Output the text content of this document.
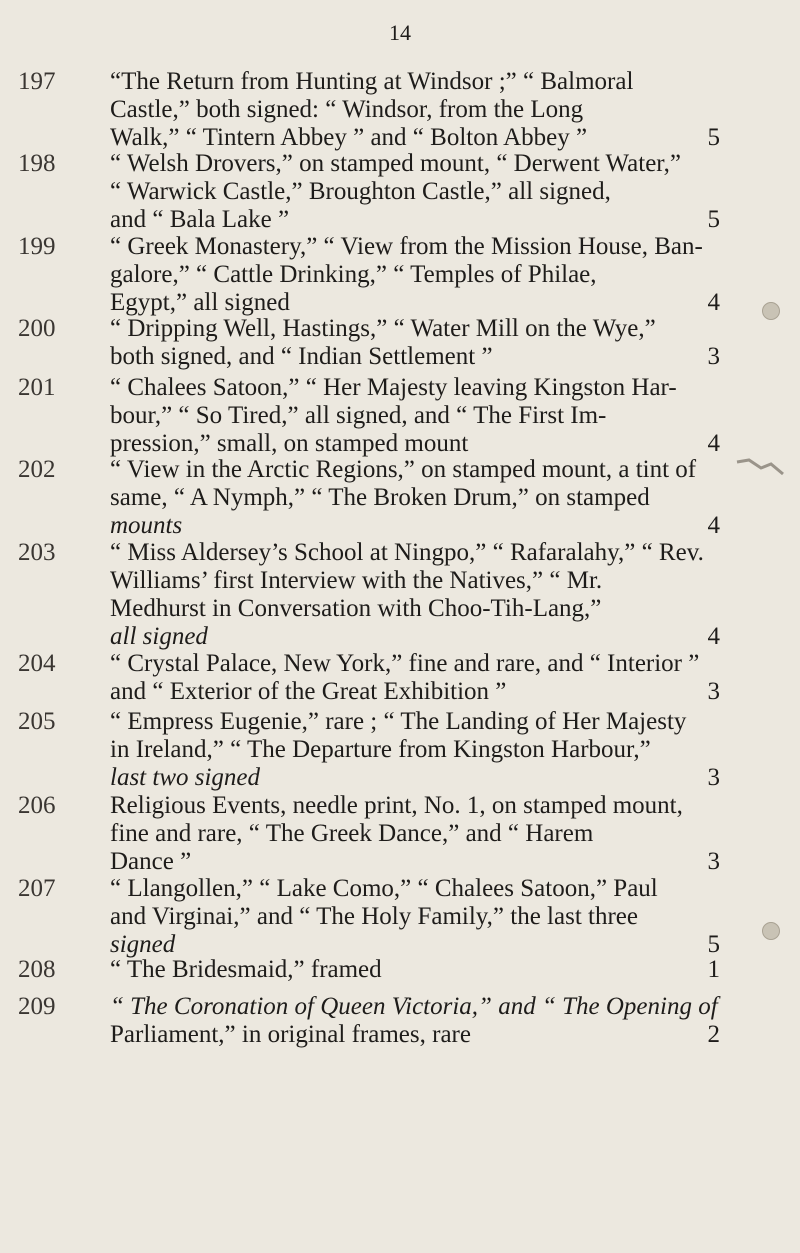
14
197	“The Return from Hunting at Windsor ;” “ Balmoral

Castle,” both signed: “ Windsor, from the Long

Walk,” “ Tintern Abbey ” and “ Bolton Abbey ”	5

198	“ Welsh Drovers,” on stamped mount, “ Derwent Water,”

“ Warwick Castle,” Broughton Castle,” all signed,

and “ Bala Lake ”	5

199	“ Greek Monastery,” “ View from the Mission House, Ban-

galore,” “ Cattle Drinking,” “ Temples of Philae,

Egypt,” all signed	4

200	“ Dripping Well, Hastings,” “ Water Mill on the Wye,”

both signed, and “ Indian Settlement ”	3

201	“ Chalees Satoon,” “ Her Majesty leaving Kingston Har-

bour,” “ So Tired,” all signed, and “ The First Im-

pression,” small, on stamped mount	4

202	“ View in the Arctic Regions,” on stamped mount, a tint of

same, “ A Nymph,” “ The Broken Drum,” on stamped

mounts	4

203	“ Miss Aldersey’s School at Ningpo,” “ Rafaralahy,” “ Rev.

Williams’ first Interview with the Natives,” “ Mr.

Medhurst in Conversation with Choo-Tih-Lang,”

all signed	4

204	“ Crystal Palace, New York,” fine and rare, and “ Interior ”

and “ Exterior of the Great Exhibition ”	3

205	“ Empress Eugenie,” rare ; “ The Landing of Her Majesty

in Ireland,” “ The Departure from Kingston Harbour,”

last two signed	3

206	Religious Events, needle print, No. 1, on stamped mount,

fine and rare, “ The Greek Dance,” and “ Harem

Dance ”	3

207	“ Llangollen,” “ Lake Como,” “ Chalees Satoon,” Paul

and Virginai,” and “ The Holy Family,” the last three

signed	5

208	“ The Bridesmaid,” framed	1

209	“ The Coronation of Queen Victoria,” and “ The Opening of

Parliament,” in original frames, rare	2
